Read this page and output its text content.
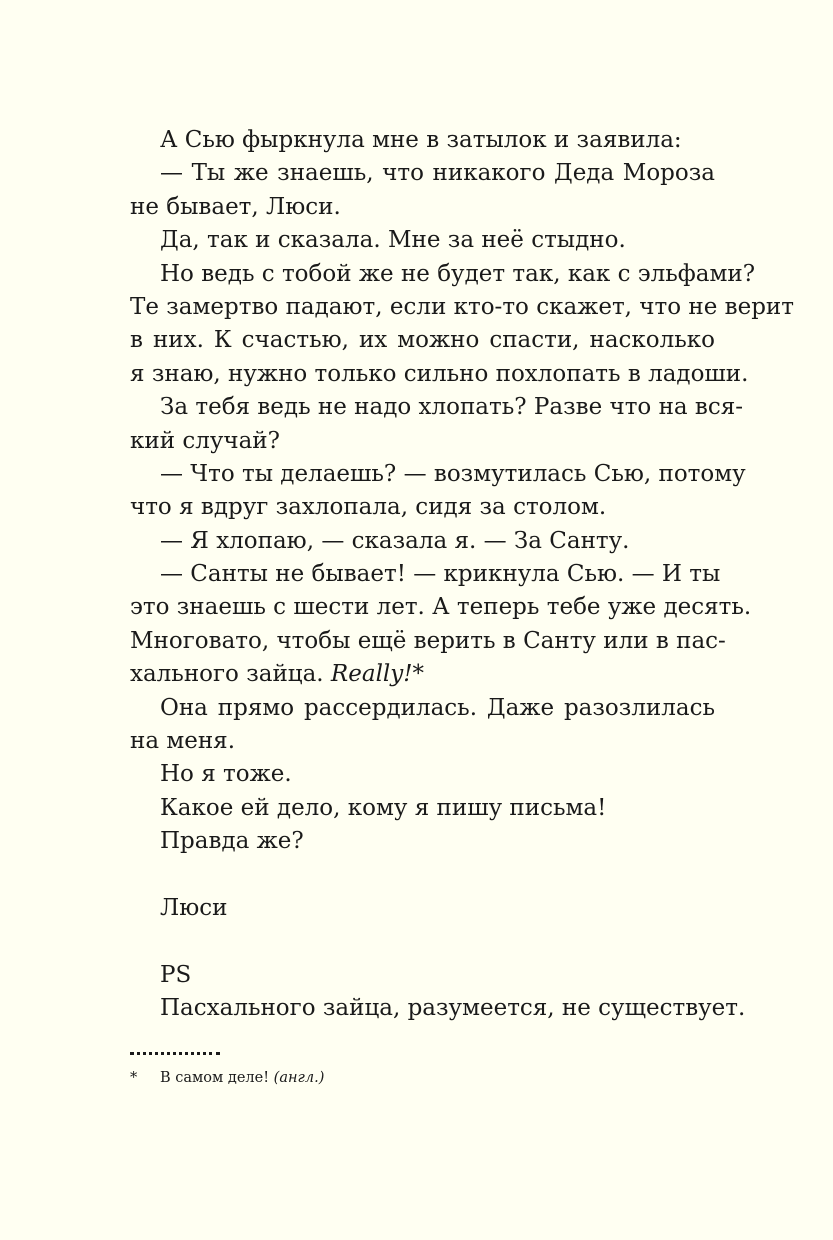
А Сью фыркнула мне в затылок и заявила:
— Ты же знаешь, что никакого Деда Мороза
не бывает, Люси.
Да, так и сказала. Мне за неё стыдно.
Но ведь с тобой же не будет так, как с эльфами?
Те замертво падают, если кто-то скажет, что не верит
в них. К счастью, их можно спасти, насколько
я знаю, нужно только сильно похлопать в ладоши.
За тебя ведь не надо хлопать? Разве что на вся-
кий случай?
— Что ты делаешь? — возмутилась Сью, потому
что я вдруг захлопала, сидя за столом.
— Я хлопаю, — сказала я. — За Санту.
— Санты не бывает! — крикнула Сью. — И ты
это знаешь с шести лет. А теперь тебе уже десять.
Многовато, чтобы ещё верить в Санту или в пас-
хального зайца. Really!*
Она прямо рассердилась. Даже разозлилась
на меня.
Но я тоже.
Какое ей дело, кому я пишу письма!
Правда же?
Люси
PS
Пасхального зайца, разумеется, не существует.
* В самом деле! (англ.)
